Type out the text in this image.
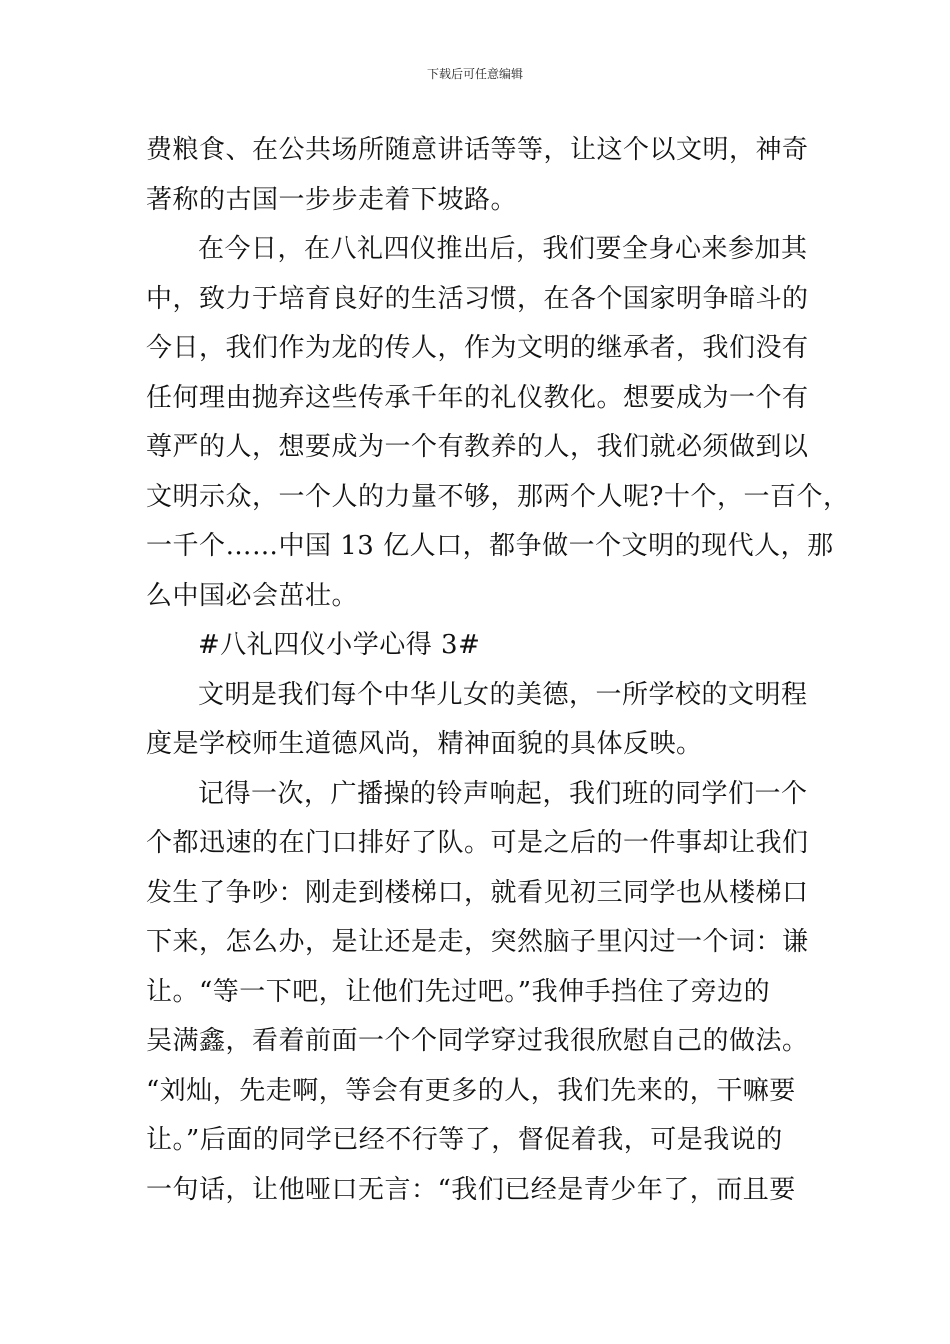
下载后可任意编辑
费粮食、在公共场所随意讲话等等，让这个以文明，神奇
著称的古国一步步走着下坡路。
在今日，在八礼四仪推出后，我们要全身心来参加其
中，致力于培育良好的生活习惯，在各个国家明争暗斗的
今日，我们作为龙的传人，作为文明的继承者，我们没有
任何理由抛弃这些传承千年的礼仪教化。想要成为一个有
尊严的人，想要成为一个有教养的人，我们就必须做到以
文明示众，一个人的力量不够，那两个人呢?十个，一百个，
一千个……中国 13 亿人口，都争做一个文明的现代人，那
么中国必会茁壮。
#八礼四仪小学心得 3#
文明是我们每个中华儿女的美德，一所学校的文明程
度是学校师生道德风尚，精神面貌的具体反映。
记得一次，广播操的铃声响起，我们班的同学们一个
个都迅速的在门口排好了队。可是之后的一件事却让我们
发生了争吵：刚走到楼梯口，就看见初三同学也从楼梯口
下来，怎么办，是让还是走，突然脑子里闪过一个词：谦
让。“等一下吧，让他们先过吧。”我伸手挡住了旁边的
吴满鑫，看着前面一个个同学穿过我很欣慰自己的做法。
“刘灿，先走啊，等会有更多的人，我们先来的，干嘛要
让。”后面的同学已经不行等了，督促着我，可是我说的
一句话，让他哑口无言：“我们已经是青少年了，而且要
